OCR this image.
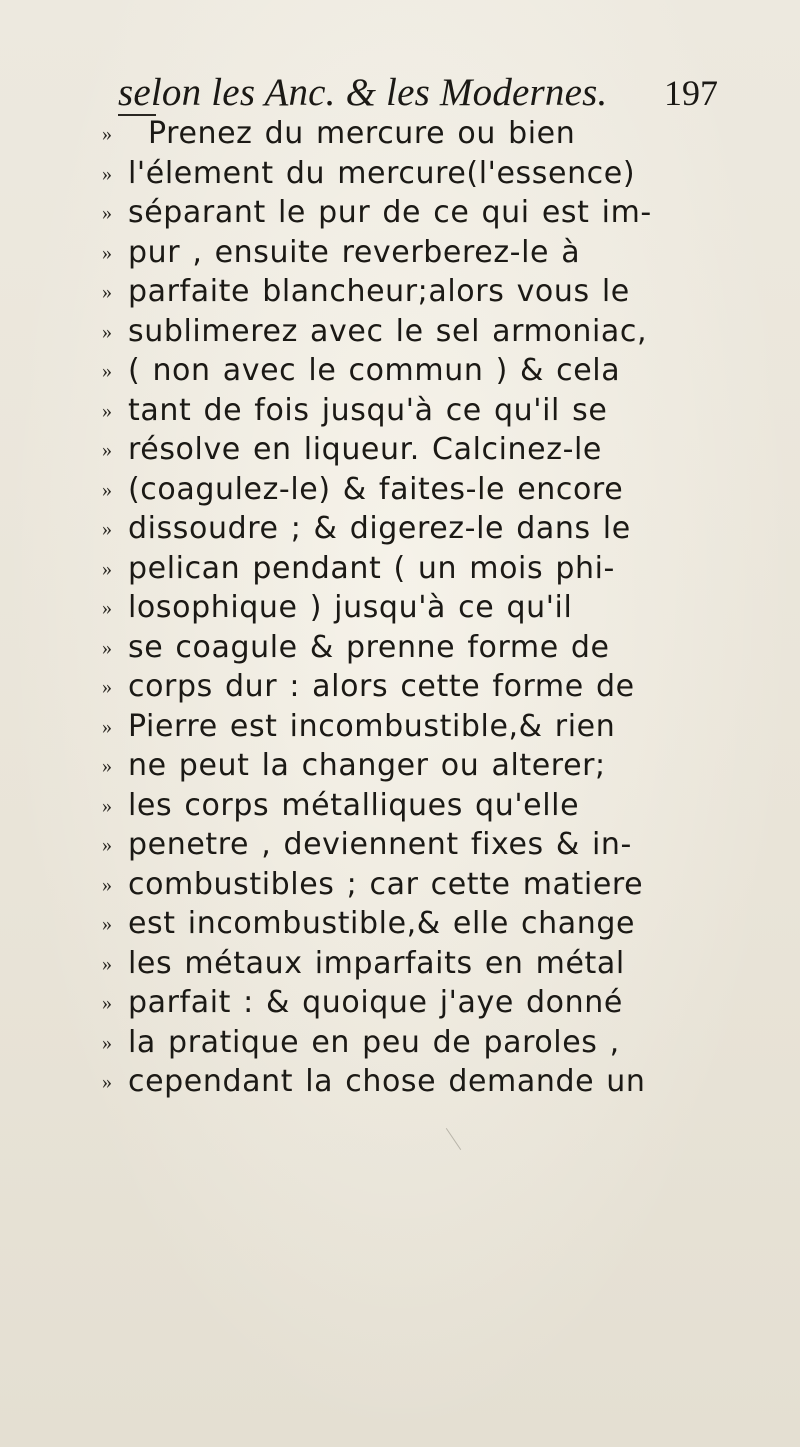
selon les Anc. & les Modernes. 197
»	Prenez du mercure ou bien
» l'élement du mercure(l'essence)
» séparant le pur de ce qui est im-
» pur , ensuite reverberez-le à
» parfaite blancheur;alors vous le
» sublimerez avec le sel armoniac,
» ( non avec le commun ) & cela
» tant de fois jusqu'à ce qu'il se
» résolve en liqueur. Calcinez-le
» (coagulez-le) & faites-le encore
» dissoudre ; & digerez-le dans le
» pelican pendant ( un mois phi-
» losophique ) jusqu'à ce qu'il
» se coagule & prenne forme de
» corps dur : alors cette forme de
» Pierre est incombustible,& rien
» ne peut la changer ou alterer;
» les corps métalliques qu'elle
» penetre , deviennent fixes & in-
» combustibles ; car cette matiere
» est incombustible,& elle change
» les métaux imparfaits en métal
» parfait : & quoique j'aye donné
» la pratique en peu de paroles ,
» cependant la chose demande un
